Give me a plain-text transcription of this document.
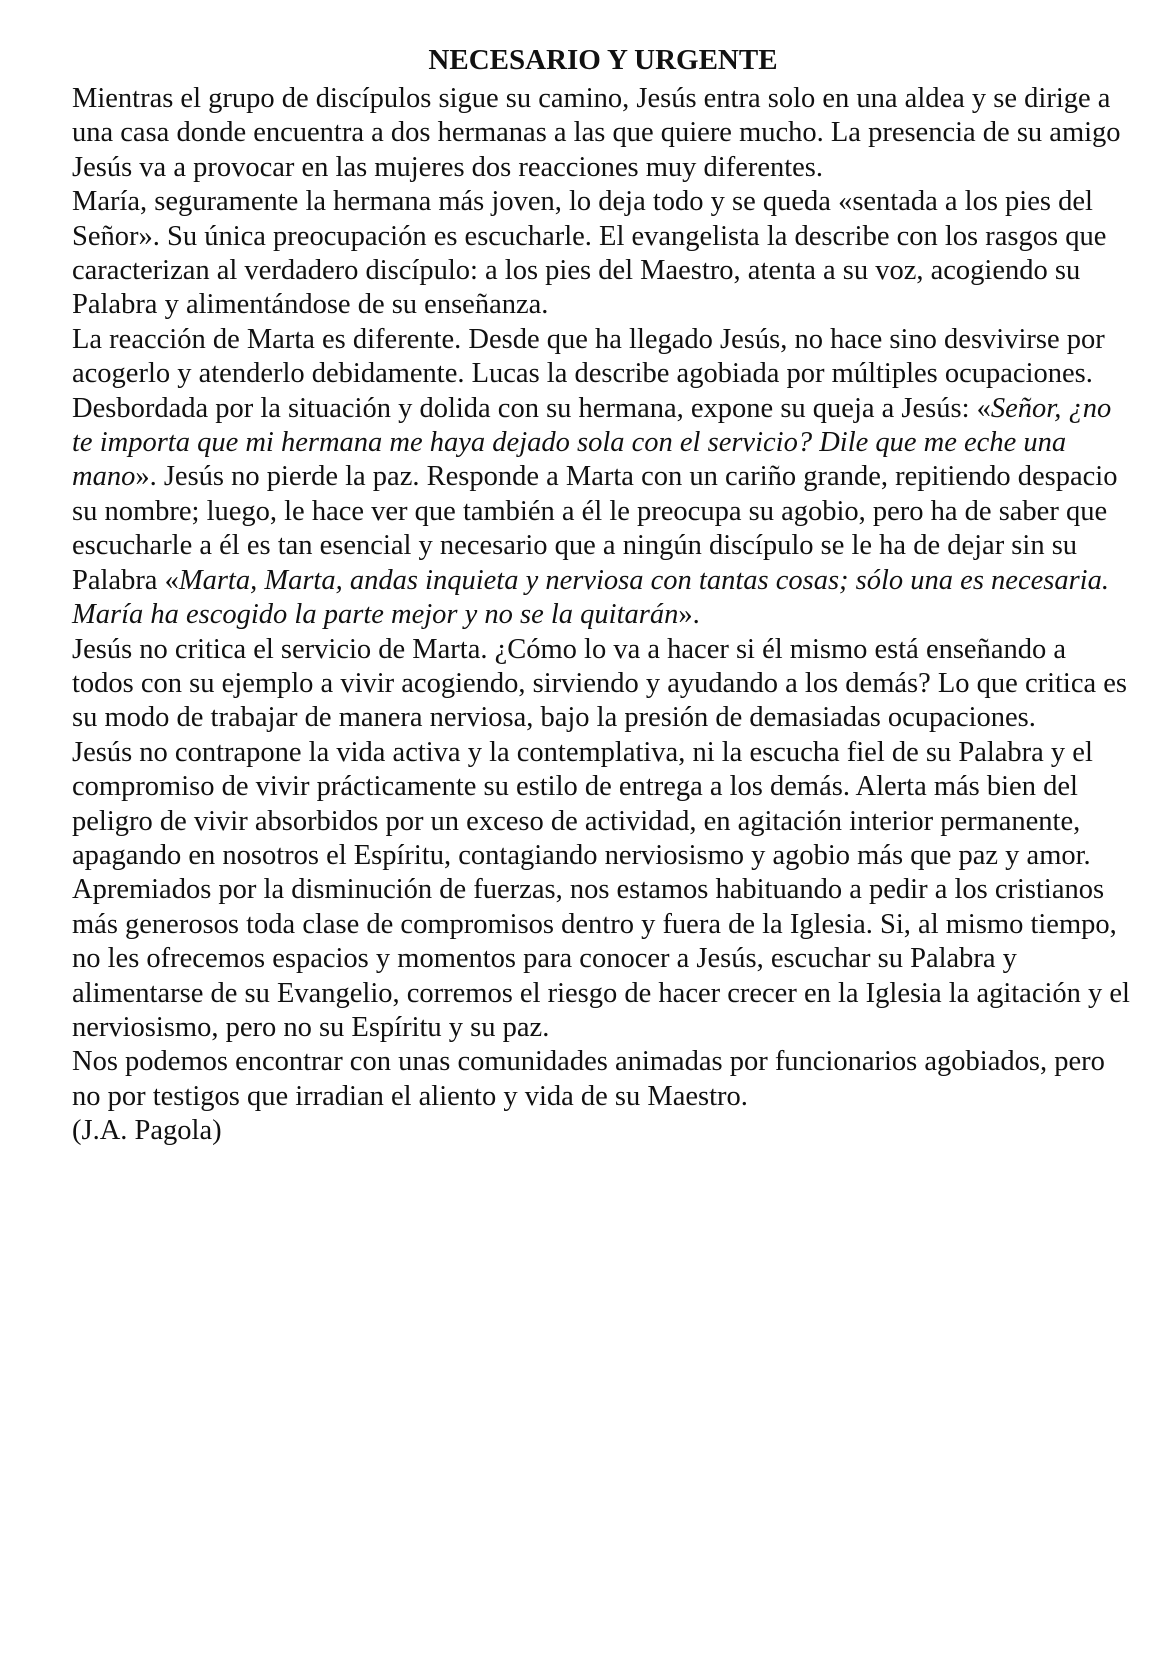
NECESARIO Y URGENTE

Mientras el grupo de discípulos sigue su camino, Jesús entra solo en una aldea y se dirige a una casa donde encuentra a dos hermanas a las que quiere mucho. La presencia de su amigo Jesús va a provocar en las mujeres dos reacciones muy diferentes.

María, seguramente la hermana más joven, lo deja todo y se queda «sentada a los pies del Señor». Su única preocupación es escucharle. El evangelista la describe con los rasgos que caracterizan al verdadero discípulo: a los pies del Maestro, atenta a su voz, acogiendo su Palabra y alimentándose de su enseñanza.

La reacción de Marta es diferente. Desde que ha llegado Jesús, no hace sino desvivirse por acogerlo y atenderlo debidamente. Lucas la describe agobiada por múltiples ocupaciones. Desbordada por la situación y dolida con su hermana, expone su queja a Jesús: «Señor, ¿no te importa que mi hermana me haya dejado sola con el servicio? Dile que me eche una mano». Jesús no pierde la paz. Responde a Marta con un cariño grande, repitiendo despacio su nombre; luego, le hace ver que también a él le preocupa su agobio, pero ha de saber que escucharle a él es tan esencial y necesario que a ningún discípulo se le ha de dejar sin su Palabra «Marta, Marta, andas inquieta y nerviosa con tantas cosas; sólo una es necesaria. María ha escogido la parte mejor y no se la quitarán».

Jesús no critica el servicio de Marta. ¿Cómo lo va a hacer si él mismo está enseñando a todos con su ejemplo a vivir acogiendo, sirviendo y ayudando a los demás? Lo que critica es su modo de trabajar de manera nerviosa, bajo la presión de demasiadas ocupaciones.

Jesús no contrapone la vida activa y la contemplativa, ni la escucha fiel de su Palabra y el compromiso de vivir prácticamente su estilo de entrega a los demás. Alerta más bien del peligro de vivir absorbidos por un exceso de actividad, en agitación interior permanente, apagando en nosotros el Espíritu, contagiando nerviosismo y agobio más que paz y amor.

Apremiados por la disminución de fuerzas, nos estamos habituando a pedir a los cristianos más generosos toda clase de compromisos dentro y fuera de la Iglesia. Si, al mismo tiempo, no les ofrecemos espacios y momentos para conocer a Jesús, escuchar su Palabra y alimentarse de su Evangelio, corremos el riesgo de hacer crecer en la Iglesia la agitación y el nerviosismo, pero no su Espíritu y su paz.

Nos podemos encontrar con unas comunidades animadas por funcionarios agobiados, pero no por testigos que irradian el aliento y vida de su Maestro.

(J.A. Pagola)
